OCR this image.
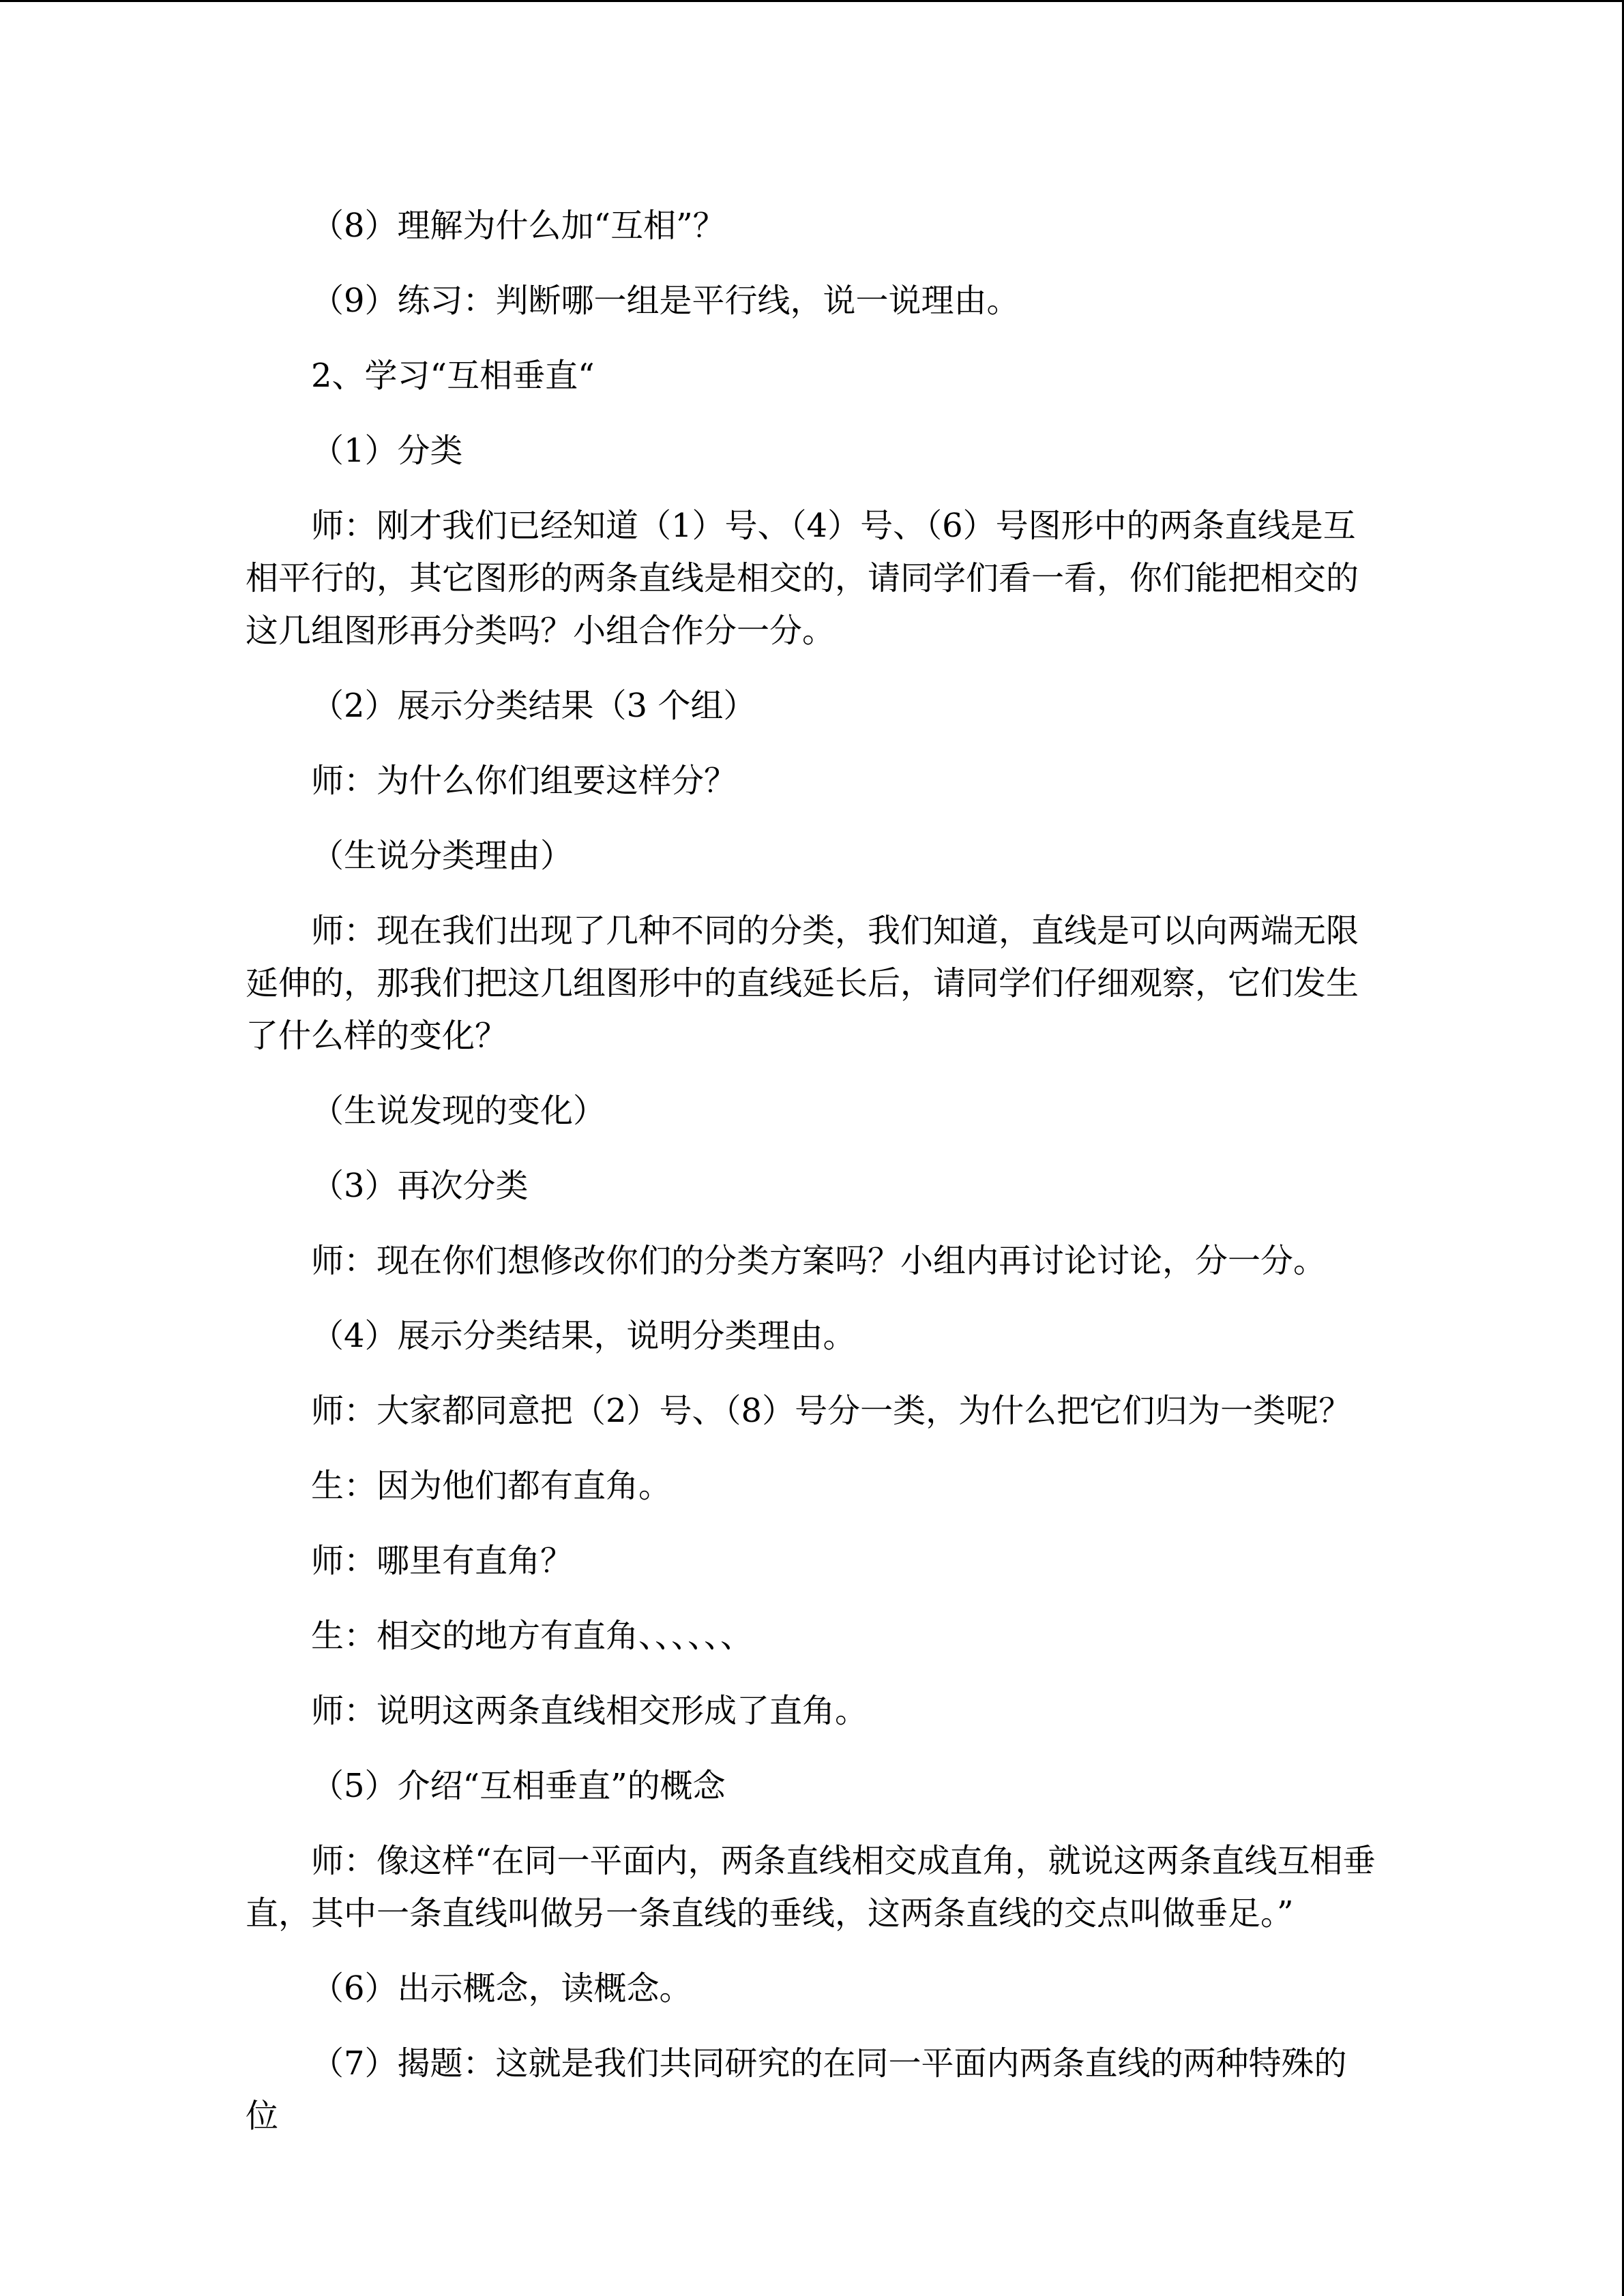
（8）理解为什么加“互相”？

（9）练习：判断哪一组是平行线，说一说理由。

2、学习“互相垂直“

（1）分类

师：刚才我们已经知道（1）号、（4）号、（6）号图形中的两条直线是互相平行的，其它图形的两条直线是相交的，请同学们看一看，你们能把相交的这几组图形再分类吗？小组合作分一分。

（2）展示分类结果（3 个组）

师：为什么你们组要这样分？

（生说分类理由）

师：现在我们出现了几种不同的分类，我们知道，直线是可以向两端无限延伸的，那我们把这几组图形中的直线延长后，请同学们仔细观察，它们发生了什么样的变化？

（生说发现的变化）

（3）再次分类

师：现在你们想修改你们的分类方案吗？小组内再讨论讨论，分一分。

（4）展示分类结果，说明分类理由。

师：大家都同意把（2）号、（8）号分一类，为什么把它们归为一类呢？

生：因为他们都有直角。

师：哪里有直角？

生：相交的地方有直角、、、、、、

师：说明这两条直线相交形成了直角。

（5）介绍“互相垂直”的概念

师：像这样“在同一平面内，两条直线相交成直角，就说这两条直线互相垂直，其中一条直线叫做另一条直线的垂线，这两条直线的交点叫做垂足。”

（6）出示概念，读概念。

（7）揭题：这就是我们共同研究的在同一平面内两条直线的两种特殊的位
